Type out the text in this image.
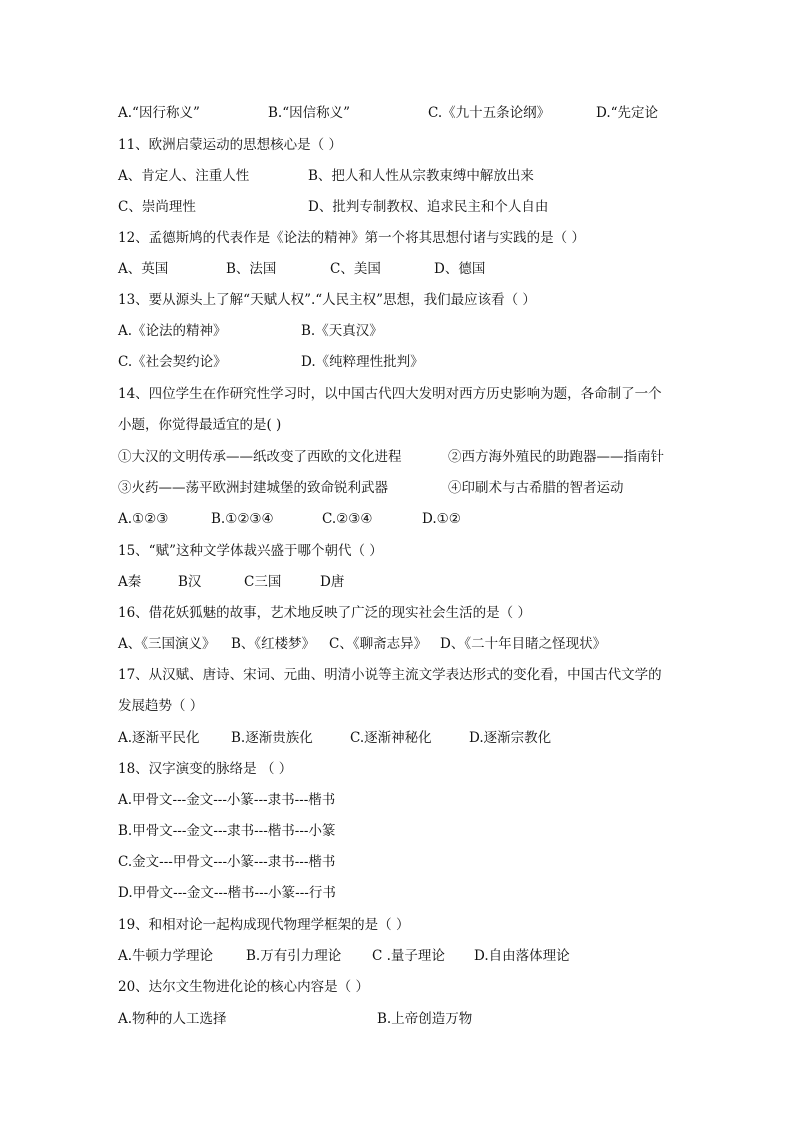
A.“因行称义”	B.“因信称义”	C.《九十五条论纲》	D.“先定论
11、欧洲启蒙运动的思想核心是（ ）
A、肯定人、注重人性	B、把人和人性从宗教束缚中解放出来
C、崇尚理性	D、批判专制教权、追求民主和个人自由
12、孟德斯鸠的代表作是《论法的精神》第一个将其思想付诸与实践的是（ ）
A、英国	B、法国	C、美国	D、德国
13、要从源头上了解“天赋人权”.“人民主权”思想，我们最应该看（ ）
A.《论法的精神》	B.《天真汉》
C.《社会契约论》	D.《纯粹理性批判》
14、四位学生在作研究性学习时，以中国古代四大发明对西方历史影响为题，各命制了一个
小题，你觉得最适宜的是( )
①大汉的文明传承——纸改变了西欧的文化进程	②西方海外殖民的助跑器——指南针
③火药——荡平欧洲封建城堡的致命锐利武器	④印刷术与古希腊的智者运动
A.①②③	B.①②③④	C.②③④	D.①②
15、“赋”这种文学体裁兴盛于哪个朝代（ ）
A秦	B汉	C三国	D唐
16、借花妖狐魅的故事，艺术地反映了广泛的现实社会生活的是（ ）
A、《三国演义》 B、《红楼梦》 C、《聊斋志异》 D、《二十年目睹之怪现状》
17、从汉赋、唐诗、宋词、元曲、明清小说等主流文学表达形式的变化看，中国古代文学的
发展趋势（ ）
A.逐渐平民化 B.逐渐贵族化	C.逐渐神秘化	D.逐渐宗教化
18、汉字演变的脉络是 （ ）
A.甲骨文---金文---小篆---隶书---楷书
B.甲骨文---金文---隶书---楷书---小篆
C.金文---甲骨文---小篆---隶书---楷书
D.甲骨文---金文---楷书---小篆---行书
19、和相对论一起构成现代物理学框架的是（ ）
A.牛顿力学理论 B.万有引力理论 C .量子理论 D.自由落体理论
20、达尔文生物进化论的核心内容是（ ）
A.物种的人工选择	B.上帝创造万物
